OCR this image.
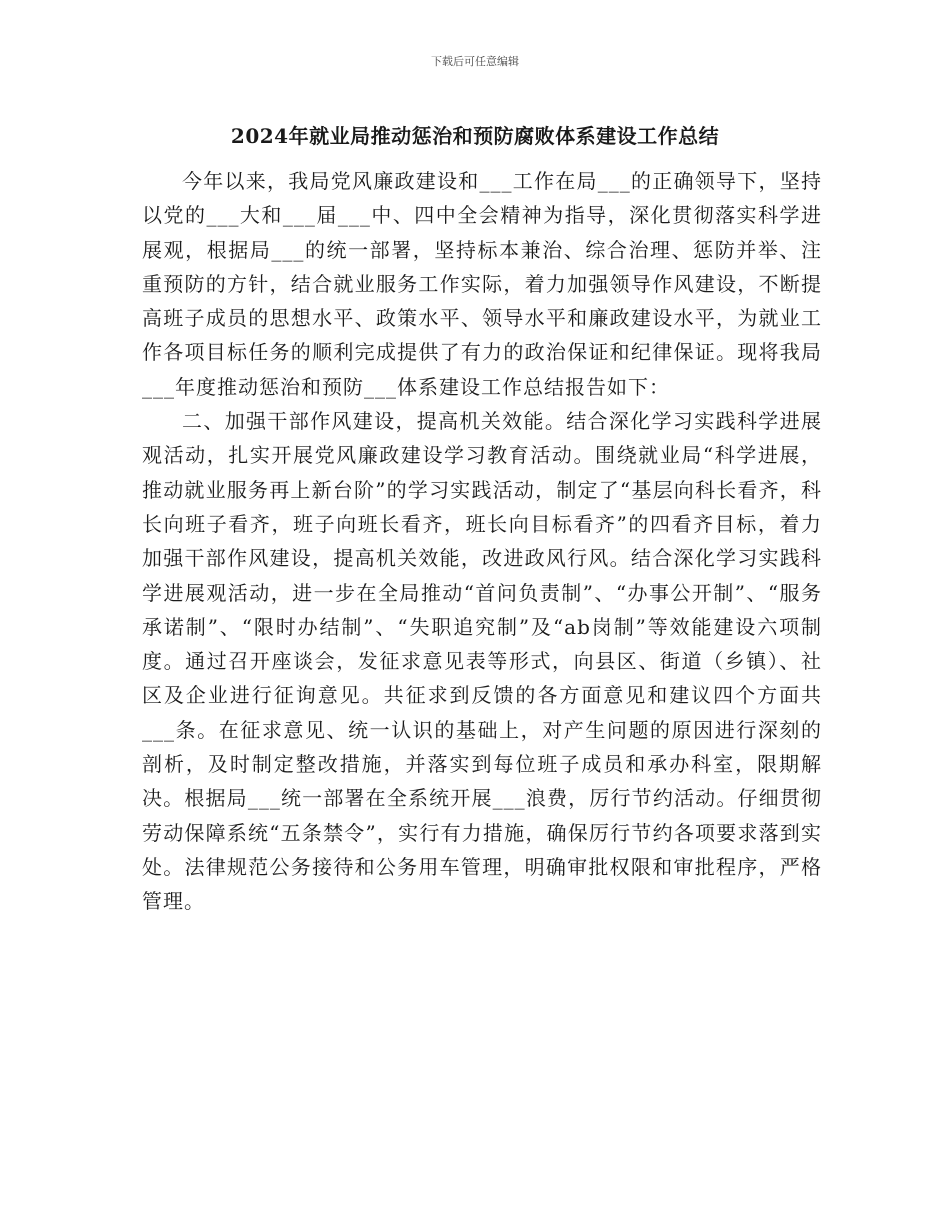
下载后可任意编辑
2024年就业局推动惩治和预防腐败体系建设工作总结

今年以来，我局党风廉政建设和___工作在局___的正确领导下，坚持以党的___大和___届___中、四中全会精神为指导，深化贯彻落实科学进展观，根据局___的统一部署，坚持标本兼治、综合治理、惩防并举、注重预防的方针，结合就业服务工作实际，着力加强领导作风建设，不断提高班子成员的思想水平、政策水平、领导水平和廉政建设水平，为就业工作各项目标任务的顺利完成提供了有力的政治保证和纪律保证。现将我局___年度推动惩治和预防___体系建设工作总结报告如下：

二、加强干部作风建设，提高机关效能。结合深化学习实践科学进展观活动，扎实开展党风廉政建设学习教育活动。围绕就业局“科学进展，推动就业服务再上新台阶”的学习实践活动，制定了“基层向科长看齐，科长向班子看齐，班子向班长看齐，班长向目标看齐”的四看齐目标，着力加强干部作风建设，提高机关效能，改进政风行风。结合深化学习实践科学进展观活动，进一步在全局推动“首问负责制”、“办事公开制”、“服务承诺制”、“限时办结制”、“失职追究制”及“ab岗制”等效能建设六项制度。通过召开座谈会，发征求意见表等形式，向县区、街道（乡镇）、社区及企业进行征询意见。共征求到反馈的各方面意见和建议四个方面共___条。在征求意见、统一认识的基础上，对产生问题的原因进行深刻的剖析，及时制定整改措施，并落实到每位班子成员和承办科室，限期解决。根据局___统一部署在全系统开展___浪费，厉行节约活动。仔细贯彻劳动保障系统“五条禁令”，实行有力措施，确保厉行节约各项要求落到实处。法律规范公务接待和公务用车管理，明确审批权限和审批程序，严格管理。
